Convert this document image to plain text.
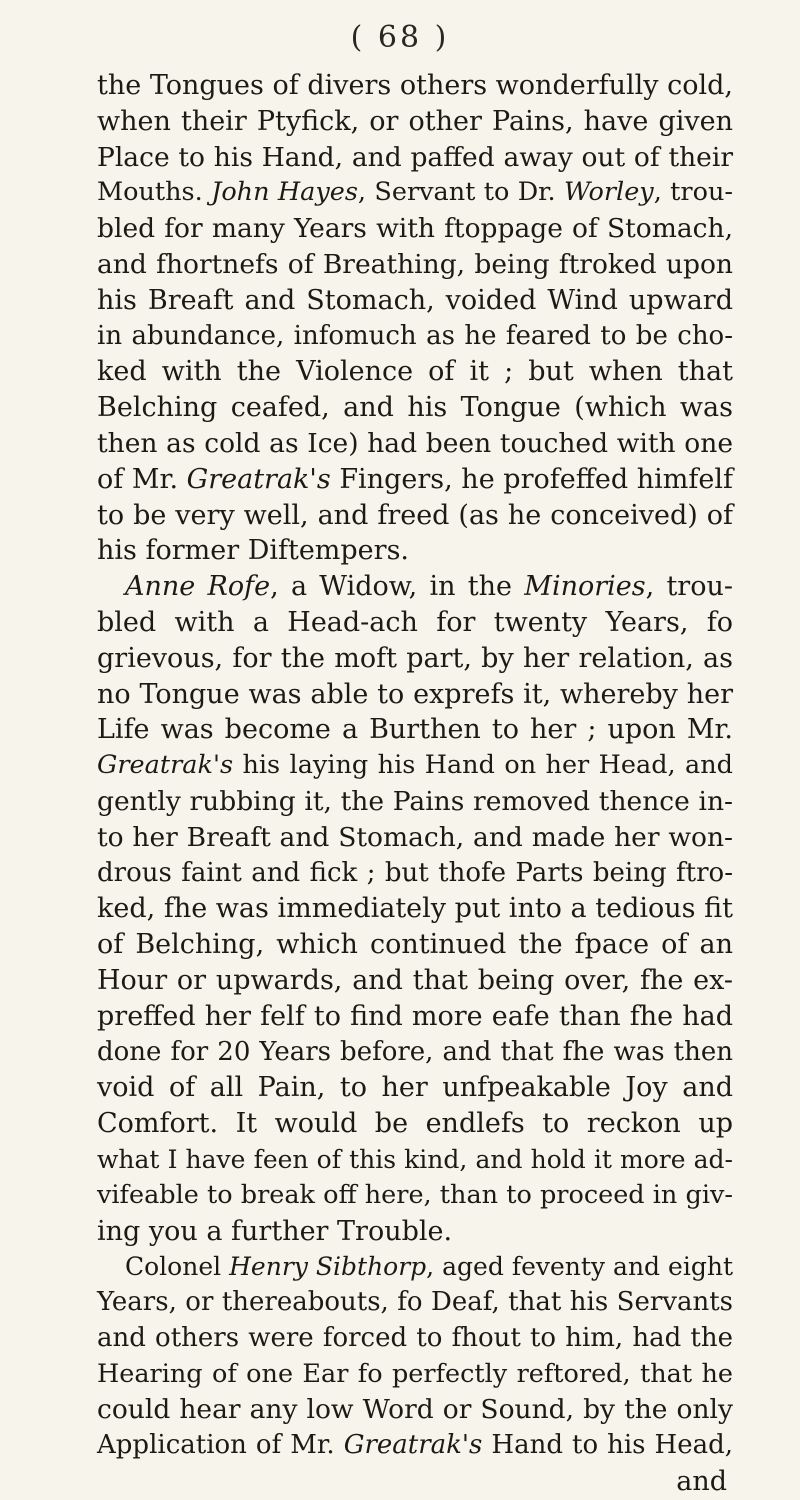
( 68 )
the Tongues of divers others wonderfully cold,
when their Ptyfick, or other Pains, have given
Place to his Hand, and paffed away out of their
Mouths. John Hayes, Servant to Dr. Worley, trou-
bled for many Years with ftoppage of Stomach,
and fhortnefs of Breathing, being ftroked upon
his Breaft and Stomach, voided Wind upward
in abundance, infomuch as he feared to be cho-
ked with the Violence of it ; but when that
Belching ceafed, and his Tongue (which was
then as cold as Ice) had been touched with one
of Mr. Greatrak's Fingers, he profeffed himfelf
to be very well, and freed (as he conceived) of
his former Diftempers.
Anne Rofe, a Widow, in the Minories, trou-
bled with a Head-ach for twenty Years, fo
grievous, for the moft part, by her relation, as
no Tongue was able to exprefs it, whereby her
Life was become a Burthen to her ; upon Mr.
Greatrak's his laying his Hand on her Head, and
gently rubbing it, the Pains removed thence in-
to her Breaft and Stomach, and made her won-
drous faint and fick ; but thofe Parts being ftro-
ked, fhe was immediately put into a tedious fit
of Belching, which continued the fpace of an
Hour or upwards, and that being over, fhe ex-
preffed her felf to find more eafe than fhe had
done for 20 Years before, and that fhe was then
void of all Pain, to her unfpeakable Joy and
Comfort. It would be endlefs to reckon up
what I have feen of this kind, and hold it more ad-
vifeable to break off here, than to proceed in giv-
ing you a further Trouble.
Colonel Henry Sibthorp, aged feventy and eight
Years, or thereabouts, fo Deaf, that his Servants
and others were forced to fhout to him, had the
Hearing of one Ear fo perfectly reftored, that he
could hear any low Word or Sound, by the only
Application of Mr. Greatrak's Hand to his Head,
and
